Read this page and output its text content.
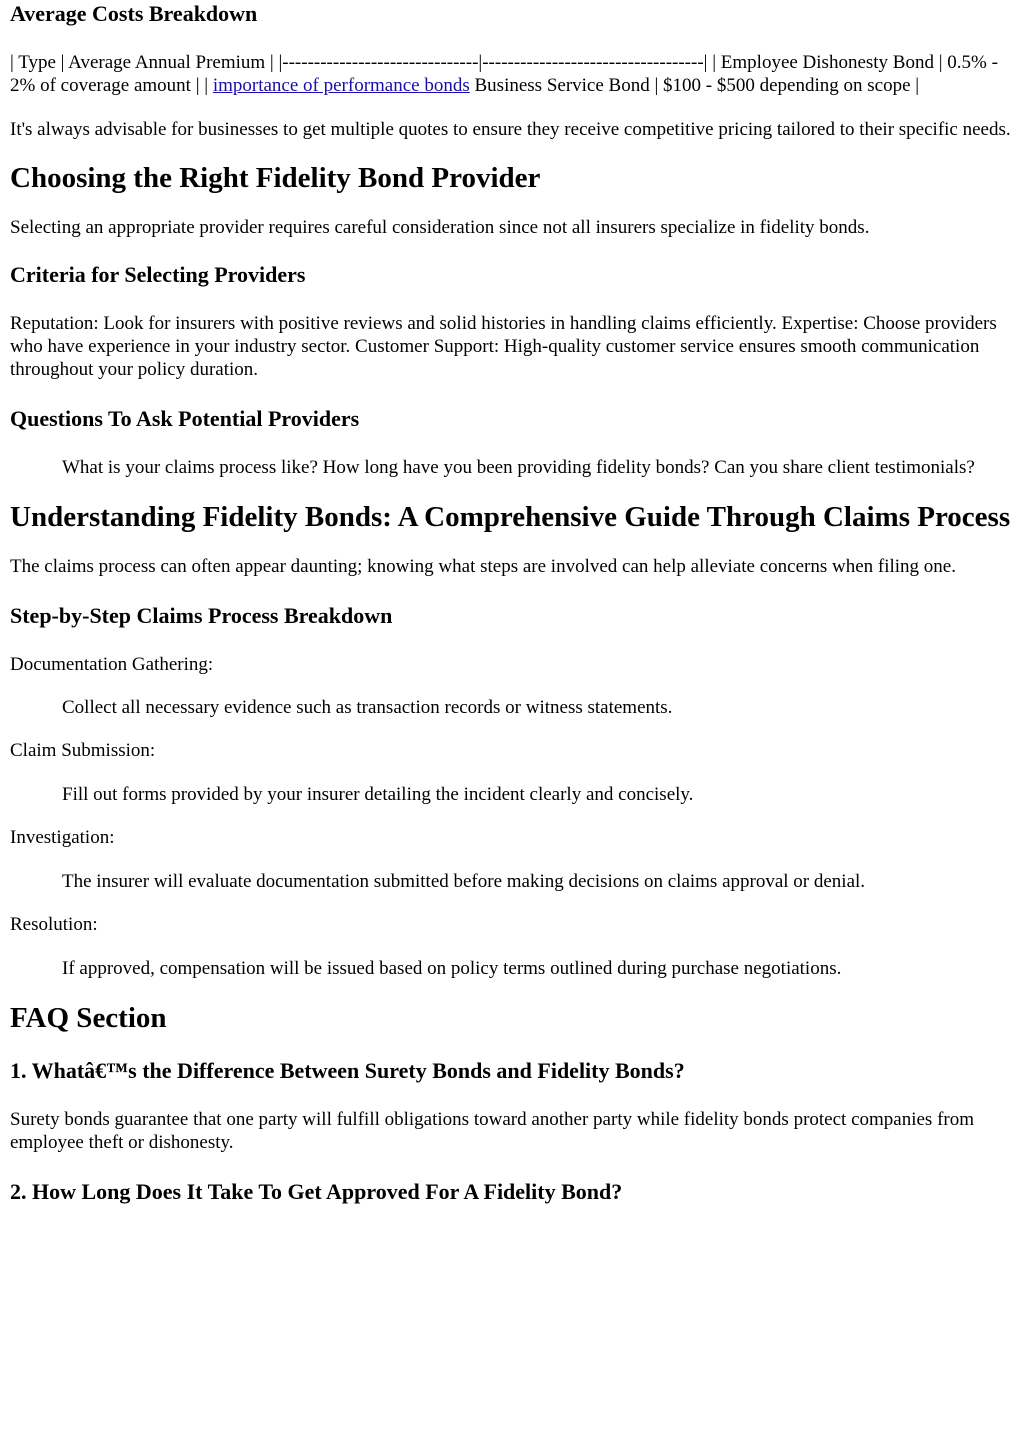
Average Costs Breakdown

| Type | Average Annual Premium | |-------------------------------|-----------------------------------| | Employee Dishonesty Bond | 0.5% - 2% of coverage amount | | importance of performance bonds Business Service Bond | $100 - $500 depending on scope |

It's always advisable for businesses to get multiple quotes to ensure they receive competitive pricing tailored to their specific needs.

Choosing the Right Fidelity Bond Provider

Selecting an appropriate provider requires careful consideration since not all insurers specialize in fidelity bonds.

Criteria for Selecting Providers

Reputation: Look for insurers with positive reviews and solid histories in handling claims efficiently. Expertise: Choose providers who have experience in your industry sector. Customer Support: High-quality customer service ensures smooth communication throughout your policy duration.

Questions To Ask Potential Providers

What is your claims process like? How long have you been providing fidelity bonds? Can you share client testimonials?

Understanding Fidelity Bonds: A Comprehensive Guide Through Claims Process

The claims process can often appear daunting; knowing what steps are involved can help alleviate concerns when filing one.

Step-by-Step Claims Process Breakdown

Documentation Gathering:

Collect all necessary evidence such as transaction records or witness statements.

Claim Submission:

Fill out forms provided by your insurer detailing the incident clearly and concisely.

Investigation:

The insurer will evaluate documentation submitted before making decisions on claims approval or denial.

Resolution:

If approved, compensation will be issued based on policy terms outlined during purchase negotiations.

FAQ Section
1. Whatâ€™s the Difference Between Surety Bonds and Fidelity Bonds?

Surety bonds guarantee that one party will fulfill obligations toward another party while fidelity bonds protect companies from employee theft or dishonesty.

2. How Long Does It Take To Get Approved For A Fidelity Bond?
